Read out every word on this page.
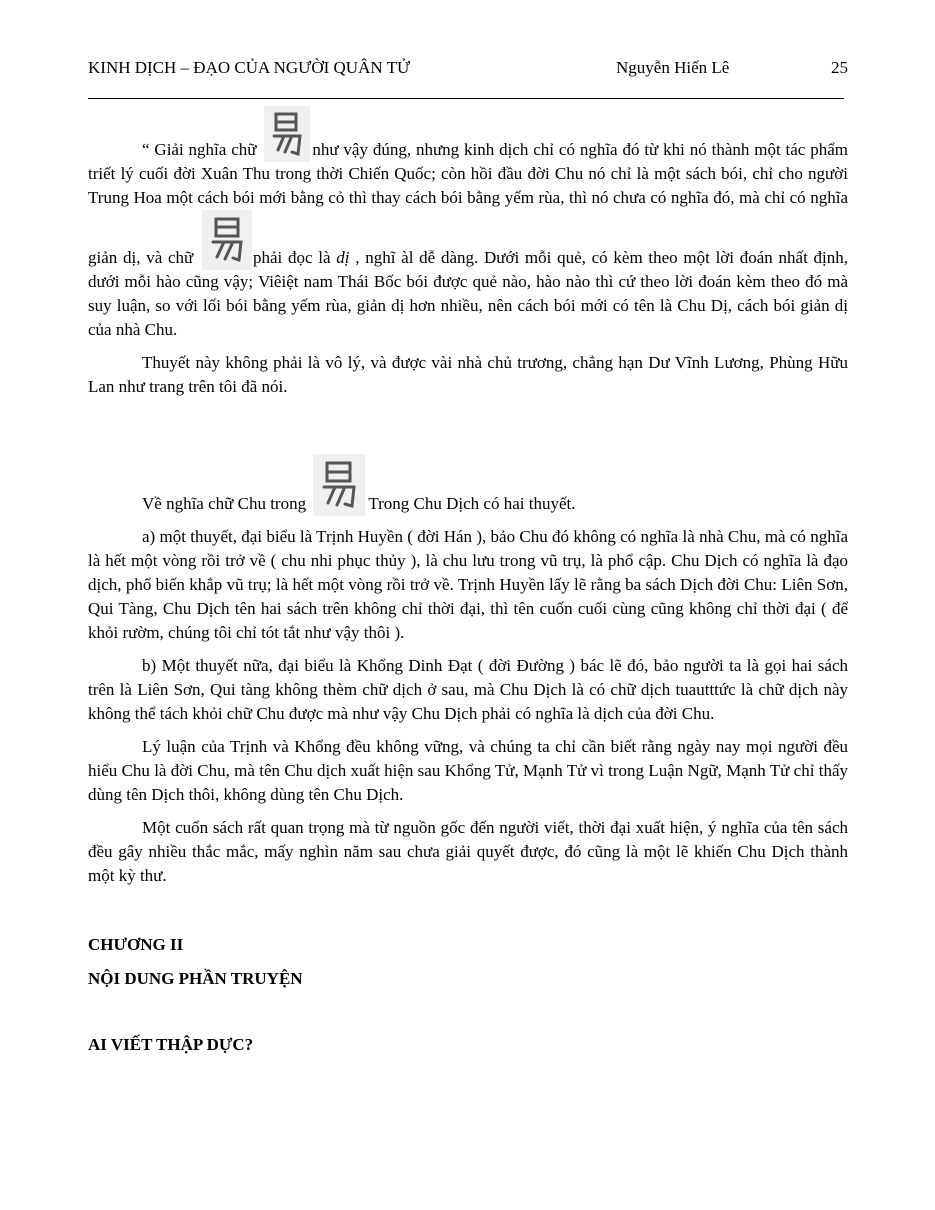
KINH DỊCH – ĐẠO CỦA NGƯỜI QUÂN TỬ	Nguyễn Hiến Lê	25

“ Giải nghĩa chữ	như vậy đúng, nhưng kinh dịch chỉ có nghĩa đó từ khi nó thành một tác phẩm triết lý cuối đời Xuân Thu trong thời Chiến Quốc; còn hồi đầu đời Chu nó chỉ là một sách bói, chỉ cho người Trung Hoa một cách bói mới bằng cỏ thì thay cách bói bằng yếm rùa, thì nó chưa có nghĩa đó, mà chỉ có nghĩa giản dị, và chữ	phải đọc là dị , nghĩ àl dễ dàng. Dưới mỗi quẻ, có kèm theo một lời đoán nhất định, dưới mỗi hào cũng vậy; Viêiệt nam Thái Bốc bói được quẻ nào, hào nào thì cứ theo lời đoán kèm theo đó mà suy luận, so với lối bói bằng yếm rùa, giản dị hơn nhiều, nên cách bói mới có tên là Chu Dị, cách bói giản dị của nhà Chu.

Thuyết này không phải là vô lý, và được vài nhà chủ trương, chẳng hạn Dư Vĩnh Lương, Phùng Hữu Lan như trang trên tôi đã nói.

Về nghĩa chữ Chu trong	Trong Chu Dịch có hai thuyết.

a) một thuyết, đại biểu là Trịnh Huyền ( đời Hán ), bảo Chu đó không có nghĩa là nhà Chu, mà có nghĩa là hết một vòng rồi trở về ( chu nhi phục thủy ), là chu lưu trong vũ trụ, là phổ cập. Chu Dịch có nghĩa là đạo dịch, phổ biến khắp vũ trụ; là hết một vòng rồi trở về. Trịnh Huyền lấy lẽ rằng ba sách Dịch đời Chu: Liên Sơn, Qui Tàng, Chu Dịch tên hai sách trên không chỉ thời đại, thì tên cuốn cuối cùng cũng không chỉ thời đại ( để khỏi rườm, chúng tôi chỉ tót tắt như vậy thôi ).

b) Một thuyết nữa, đại biểu là Khổng Dinh Đạt ( đời Đường ) bác lẽ đó, bảo người ta là gọi hai sách trên là Liên Sơn, Qui tàng không thèm chữ dịch ở sau, mà Chu Dịch là có chữ dịch tuautttức là chữ dịch này không thể tách khỏi chữ Chu được mà như vậy Chu Dịch phải có nghĩa là dịch của đời Chu.

Lý luận của Trịnh và Khổng đều không vững, và chúng ta chỉ cần biết rằng ngày nay mọi người đều hiểu Chu là đời Chu, mà tên Chu dịch xuất hiện sau Khổng Tử, Mạnh Tử vì trong Luận Ngữ, Mạnh Tử chỉ thấy dùng tên Dịch thôi, không dùng tên Chu Dịch.

Một cuốn sách rất quan trọng mà từ nguồn gốc đến người viết, thời đại xuất hiện, ý nghĩa của tên sách đều gây nhiều thắc mắc, mấy nghìn năm sau chưa giải quyết được, đó cũng là một lẽ khiến Chu Dịch thành một kỳ thư.

CHƯƠNG II

NỘI DUNG PHẦN TRUYỆN

AI VIẾT THẬP DỰC?
